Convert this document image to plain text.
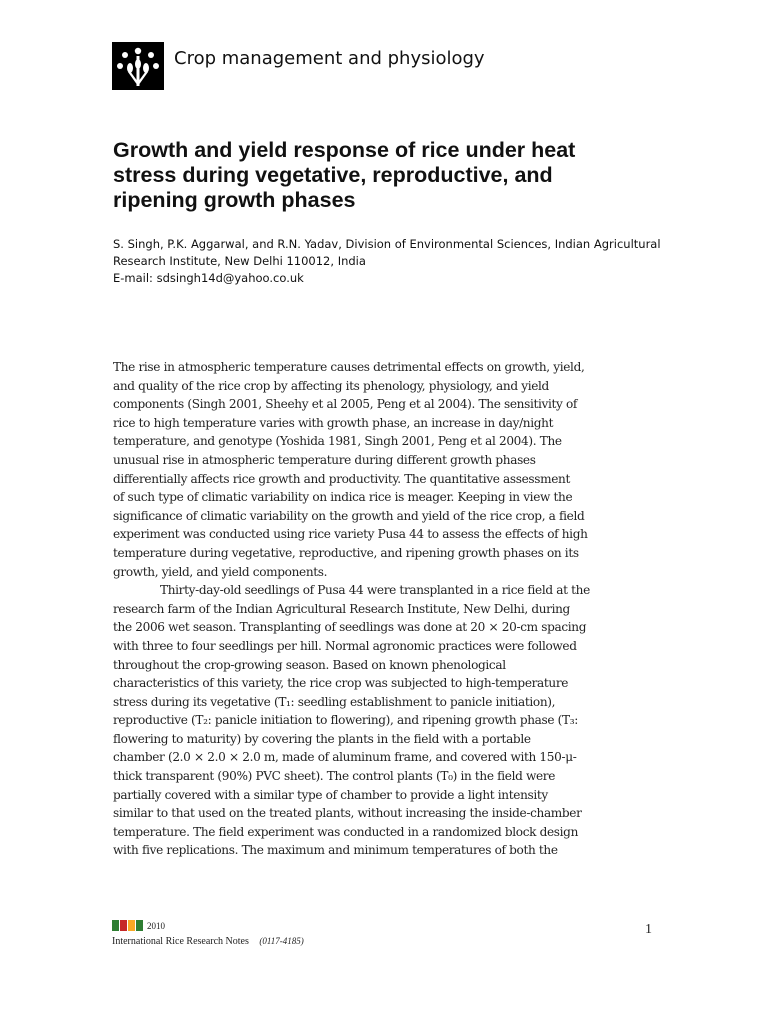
Crop management and physiology
Growth and yield response of rice under heat
stress during vegetative, reproductive, and
ripening growth phases
S. Singh, P.K. Aggarwal, and R.N. Yadav, Division of Environmental Sciences, Indian Agricultural
Research Institute, New Delhi 110012, India
E-mail: sdsingh14d@yahoo.co.uk
The rise in atmospheric temperature causes detrimental effects on growth, yield,
and quality of the rice crop by affecting its phenology, physiology, and yield
components (Singh 2001, Sheehy et al 2005, Peng et al 2004). The sensitivity of
rice to high temperature varies with growth phase, an increase in day/night
temperature, and genotype (Yoshida 1981, Singh 2001, Peng et al 2004). The
unusual rise in atmospheric temperature during different growth phases
differentially affects rice growth and productivity. The quantitative assessment
of such type of climatic variability on indica rice is meager. Keeping in view the
significance of climatic variability on the growth and yield of the rice crop, a field
experiment was conducted using rice variety Pusa 44 to assess the effects of high
temperature during vegetative, reproductive, and ripening growth phases on its
growth, yield, and yield components.
Thirty-day-old seedlings of Pusa 44 were transplanted in a rice field at the
research farm of the Indian Agricultural Research Institute, New Delhi, during
the 2006 wet season. Transplanting of seedlings was done at 20 × 20-cm spacing
with three to four seedlings per hill. Normal agronomic practices were followed
throughout the crop-growing season. Based on known phenological
characteristics of this variety, the rice crop was subjected to high-temperature
stress during its vegetative (T₁: seedling establishment to panicle initiation),
reproductive (T₂: panicle initiation to flowering), and ripening growth phase (T₃:
flowering to maturity) by covering the plants in the field with a portable
chamber (2.0 × 2.0 × 2.0 m, made of aluminum frame, and covered with 150-μ-
thick transparent (90%) PVC sheet). The control plants (T₀) in the field were
partially covered with a similar type of chamber to provide a light intensity
similar to that used on the treated plants, without increasing the inside-chamber
temperature. The field experiment was conducted in a randomized block design
with five replications. The maximum and minimum temperatures of both the
2010
International Rice Research Notes (0117-4185)
1
